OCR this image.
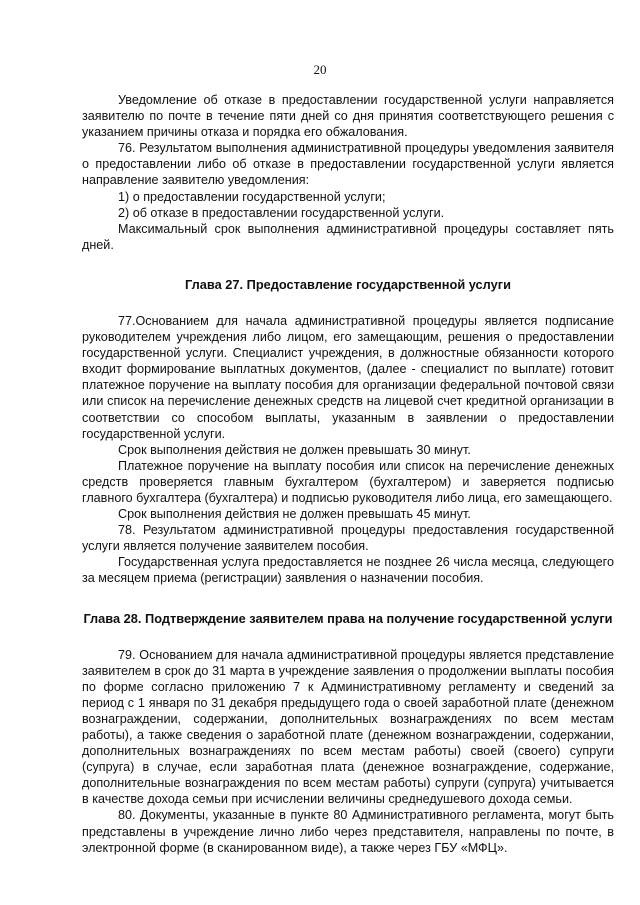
20

Уведомление об отказе в предоставлении государственной услуги направляется заявителю по почте в течение пяти дней со дня принятия соответствующего решения с указанием причины отказа и порядка его обжалования.

76. Результатом выполнения административной процедуры уведомления заявителя о предоставлении либо об отказе в предоставлении государственной услуги является направление заявителю уведомления:

1) о предоставлении государственной услуги;

2) об отказе в предоставлении государственной услуги.

Максимальный срок выполнения административной процедуры составляет пять дней.

Глава 27. Предоставление государственной услуги

77.Основанием для начала административной процедуры является подписание руководителем учреждения либо лицом, его замещающим, решения о предоставлении государственной услуги. Специалист учреждения, в должностные обязанности которого входит формирование выплатных документов, (далее - специалист по выплате) готовит платежное поручение на выплату пособия для организации федеральной почтовой связи или список на перечисление денежных средств на лицевой счет кредитной организации в соответствии со способом выплаты, указанным в заявлении о предоставлении государственной услуги.

Срок выполнения действия не должен превышать 30 минут.

Платежное поручение на выплату пособия или список на перечисление денежных средств проверяется главным бухгалтером (бухгалтером) и заверяется подписью главного бухгалтера (бухгалтера) и подписью руководителя либо лица, его замещающего.

Срок выполнения действия не должен превышать 45 минут.

78. Результатом административной процедуры предоставления государственной услуги является получение заявителем пособия.

Государственная услуга предоставляется не позднее 26 числа месяца, следующего за месяцем приема (регистрации) заявления о назначении пособия.

Глава 28. Подтверждение заявителем права на получение государственной услуги

79. Основанием для начала административной процедуры является представление заявителем в срок до 31 марта в учреждение заявления о продолжении выплаты пособия по форме согласно приложению 7 к Административному регламенту и сведений за период с 1 января по 31 декабря предыдущего года о своей заработной плате (денежном вознаграждении, содержании, дополнительных вознаграждениях по всем местам работы), а также сведения о заработной плате (денежном вознаграждении, содержании, дополнительных вознаграждениях по всем местам работы) своей (своего) супруги (супруга) в случае, если заработная плата (денежное вознаграждение, содержание, дополнительные вознаграждения по всем местам работы) супруги (супруга) учитывается в качестве дохода семьи при исчислении величины среднедушевого дохода семьи.

80. Документы, указанные в пункте 80 Административного регламента, могут быть представлены в учреждение лично либо через представителя, направлены по почте, в электронной форме (в сканированном виде), а также через ГБУ «МФЦ».
